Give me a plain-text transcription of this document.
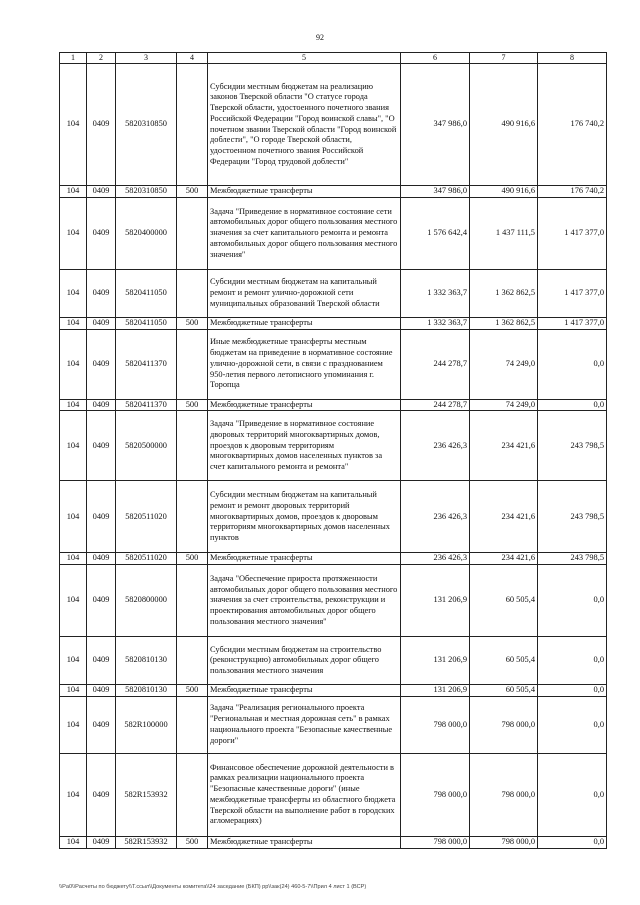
92
1	2	3	4	5	6	7	8
104	0409	5820310850		Субсидии местным бюджетам на реализацию законов Тверской области "О статусе города Тверской области, удостоенного почетного звания Российской Федерации "Город воинской славы", "О почетном звании Тверской области "Город воинской доблести", "О городе Тверской области, удостоенном почетного звания Российской Федерации "Город трудовой доблести"	347 986,0	490 916,6	176 740,2
104	0409	5820310850	500	Межбюджетные трансферты	347 986,0	490 916,6	176 740,2
104	0409	5820400000		Задача "Приведение в нормативное состояние сети автомобильных дорог общего пользования местного значения за счет капитального ремонта и ремонта автомобильных дорог общего пользования местного значения"	1 576 642,4	1 437 111,5	1 417 377,0
104	0409	5820411050		Субсидии местным бюджетам на капитальный ремонт и ремонт улично-дорожной сети муниципальных образований Тверской области	1 332 363,7	1 362 862,5	1 417 377,0
104	0409	5820411050	500	Межбюджетные трансферты	1 332 363,7	1 362 862,5	1 417 377,0
104	0409	5820411370		Иные межбюджетные трансферты местным бюджетам на приведение в нормативное состояние улично-дорожной сети, в связи с празднованием 950-летия первого летописного упоминания г. Торопца	244 278,7	74 249,0	0,0
104	0409	5820411370	500	Межбюджетные трансферты	244 278,7	74 249,0	0,0
104	0409	5820500000		Задача "Приведение в нормативное состояние дворовых территорий многоквартирных домов, проездов к дворовым территориям многоквартирных домов населенных пунктов за счет капитального ремонта и ремонта"	236 426,3	234 421,6	243 798,5
104	0409	5820511020		Субсидии местным бюджетам на капитальный ремонт и ремонт дворовых территорий многоквартирных домов, проездов к дворовым территориям многоквартирных домов населенных пунктов	236 426,3	234 421,6	243 798,5
104	0409	5820511020	500	Межбюджетные трансферты	236 426,3	234 421,6	243 798,5
104	0409	5820800000		Задача "Обеспечение прироста протяженности автомобильных дорог общего пользования местного значения за счет строительства, реконструкции и проектирования автомобильных дорог общего пользования местного значения"	131 206,9	60 505,4	0,0
104	0409	5820810130		Субсидии местным бюджетам на строительство (реконструкцию) автомобильных дорог общего пользования местного значения	131 206,9	60 505,4	0,0
104	0409	5820810130	500	Межбюджетные трансферты	131 206,9	60 505,4	0,0
104	0409	582R100000		Задача "Реализация регионального проекта "Региональная и местная дорожная сеть" в рамках национального проекта "Безопасные качественные дороги"	798 000,0	798 000,0	0,0
104	0409	582R153932		Финансовое обеспечение дорожной деятельности в рамках реализации национального проекта "Безопасные качественные дороги" (иные межбюджетные трансферты из областного бюджета Тверской области на выполнение работ в городских агломерациях)	798 000,0	798 000,0	0,0
104	0409	582R153932	500	Межбюджетные трансферты	798 000,0	798 000,0	0,0
\\Pa0\\Расчеты по бюджету\\Т.ссыл\\Документы комитета\\24 заседание (БКП) рр\\зак(24) 460-5-7\\Прил 4 лист 1 (ВСР)
